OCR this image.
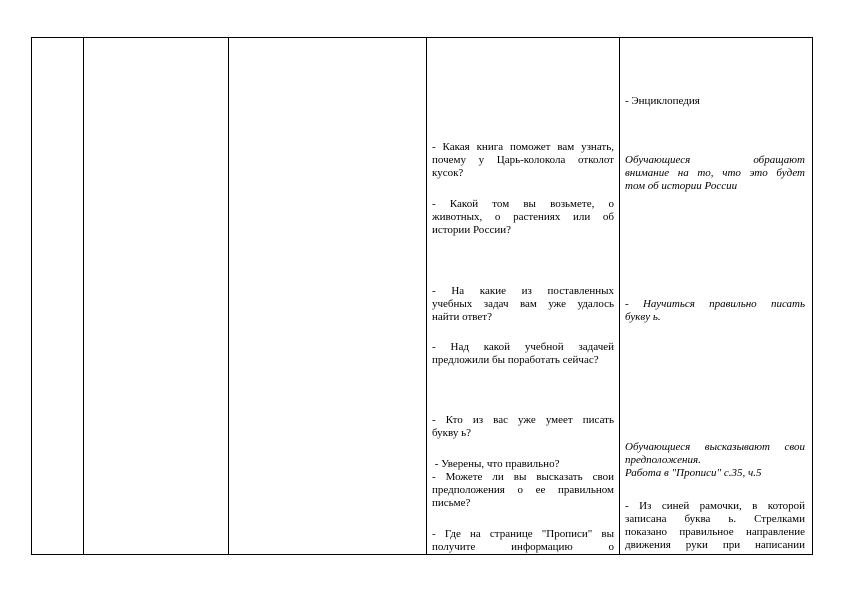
- Какая книга поможет вам узнать,
почему у Царь-колокола отколот
кусок?
- Какой том вы возьмете, о
животных, о растениях или об
истории России?
- На какие из поставленных
учебных задач вам уже удалось
найти ответ?
- Над какой учебной задачей
предложили бы поработать сейчас?
- Кто из вас уже умеет писать
букву ь?
- Уверены, что правильно?
- Можете ли вы высказать свои
предположения о ее правильном
письме?
- Где на странице "Прописи" вы
получите информацию о
- Энциклопедия
Обучающиеся обращают
внимание на то, что это будет
том об истории России
- Научиться правильно писать
букву ь.
Обучающиеся высказывают свои
предположения.
Работа в "Прописи" с.35, ч.5
- Из синей рамочки, в которой
записана буква ь. Стрелками
показано правильное направление
движения руки при написании
